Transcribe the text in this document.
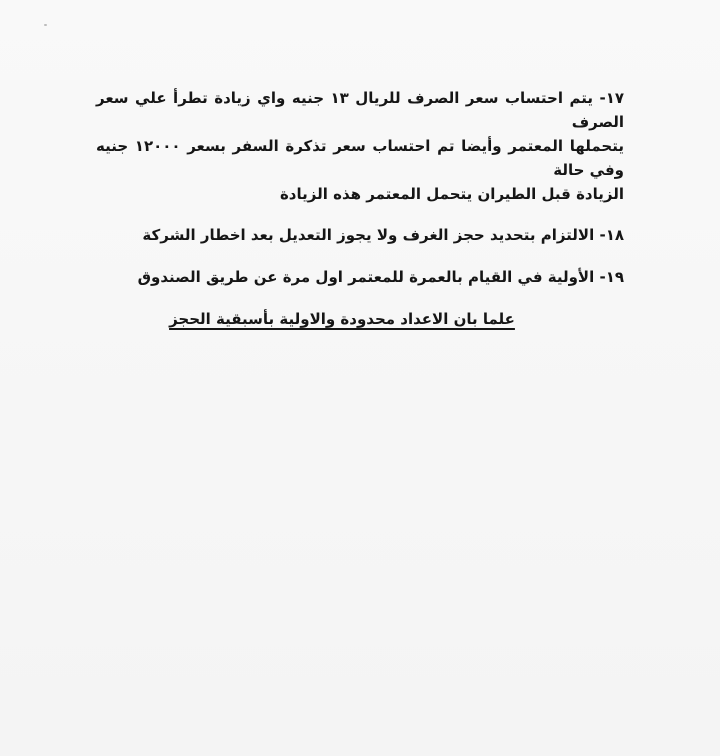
١٧- يتم احتساب سعر الصرف للريال ١٣ جنيه واي زيادة تطرأ علي سعر الصرف
يتحملها المعتمر وأيضا تم احتساب سعر تذكرة السفر بسعر ١٢٠٠٠ جنيه وفي حالة
الزيادة قبل الطيران يتحمل المعتمر هذه الزيادة

١٨- الالتزام بتحديد حجز الغرف ولا يجوز التعديل بعد اخطار الشركة

١٩- الأولية في القيام بالعمرة للمعتمر اول مرة عن طريق الصندوق

علما بان الاعداد محدودة والاولية بأسبقية الحجز
